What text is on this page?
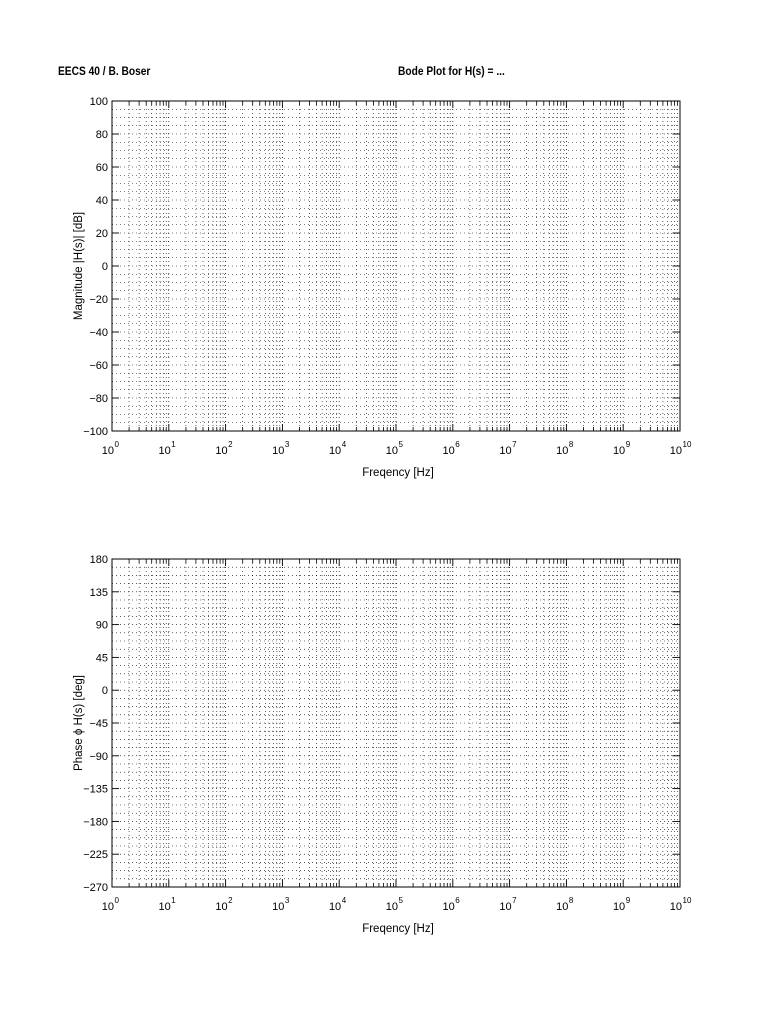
EECS 40 / B. Boser	Bode Plot for H(s) = ...
100
80
60
40
20
0
−20
−40
−60
−80
−100
10
0
10
1
10
2
10
3
10
4
10
5
10
6
10
7
10
8
10
9
10
10
Freqency [Hz]
Magnitude |H(s)| [dB]
180
135
90
45
0
−45
−90
−135
−180
−225
−270
10
0
10
1
10
2
10
3
10
4
10
5
10
6
10
7
10
8
10
9
10
10
Freqency [Hz]
Phase ϕ H(s) [deg]
